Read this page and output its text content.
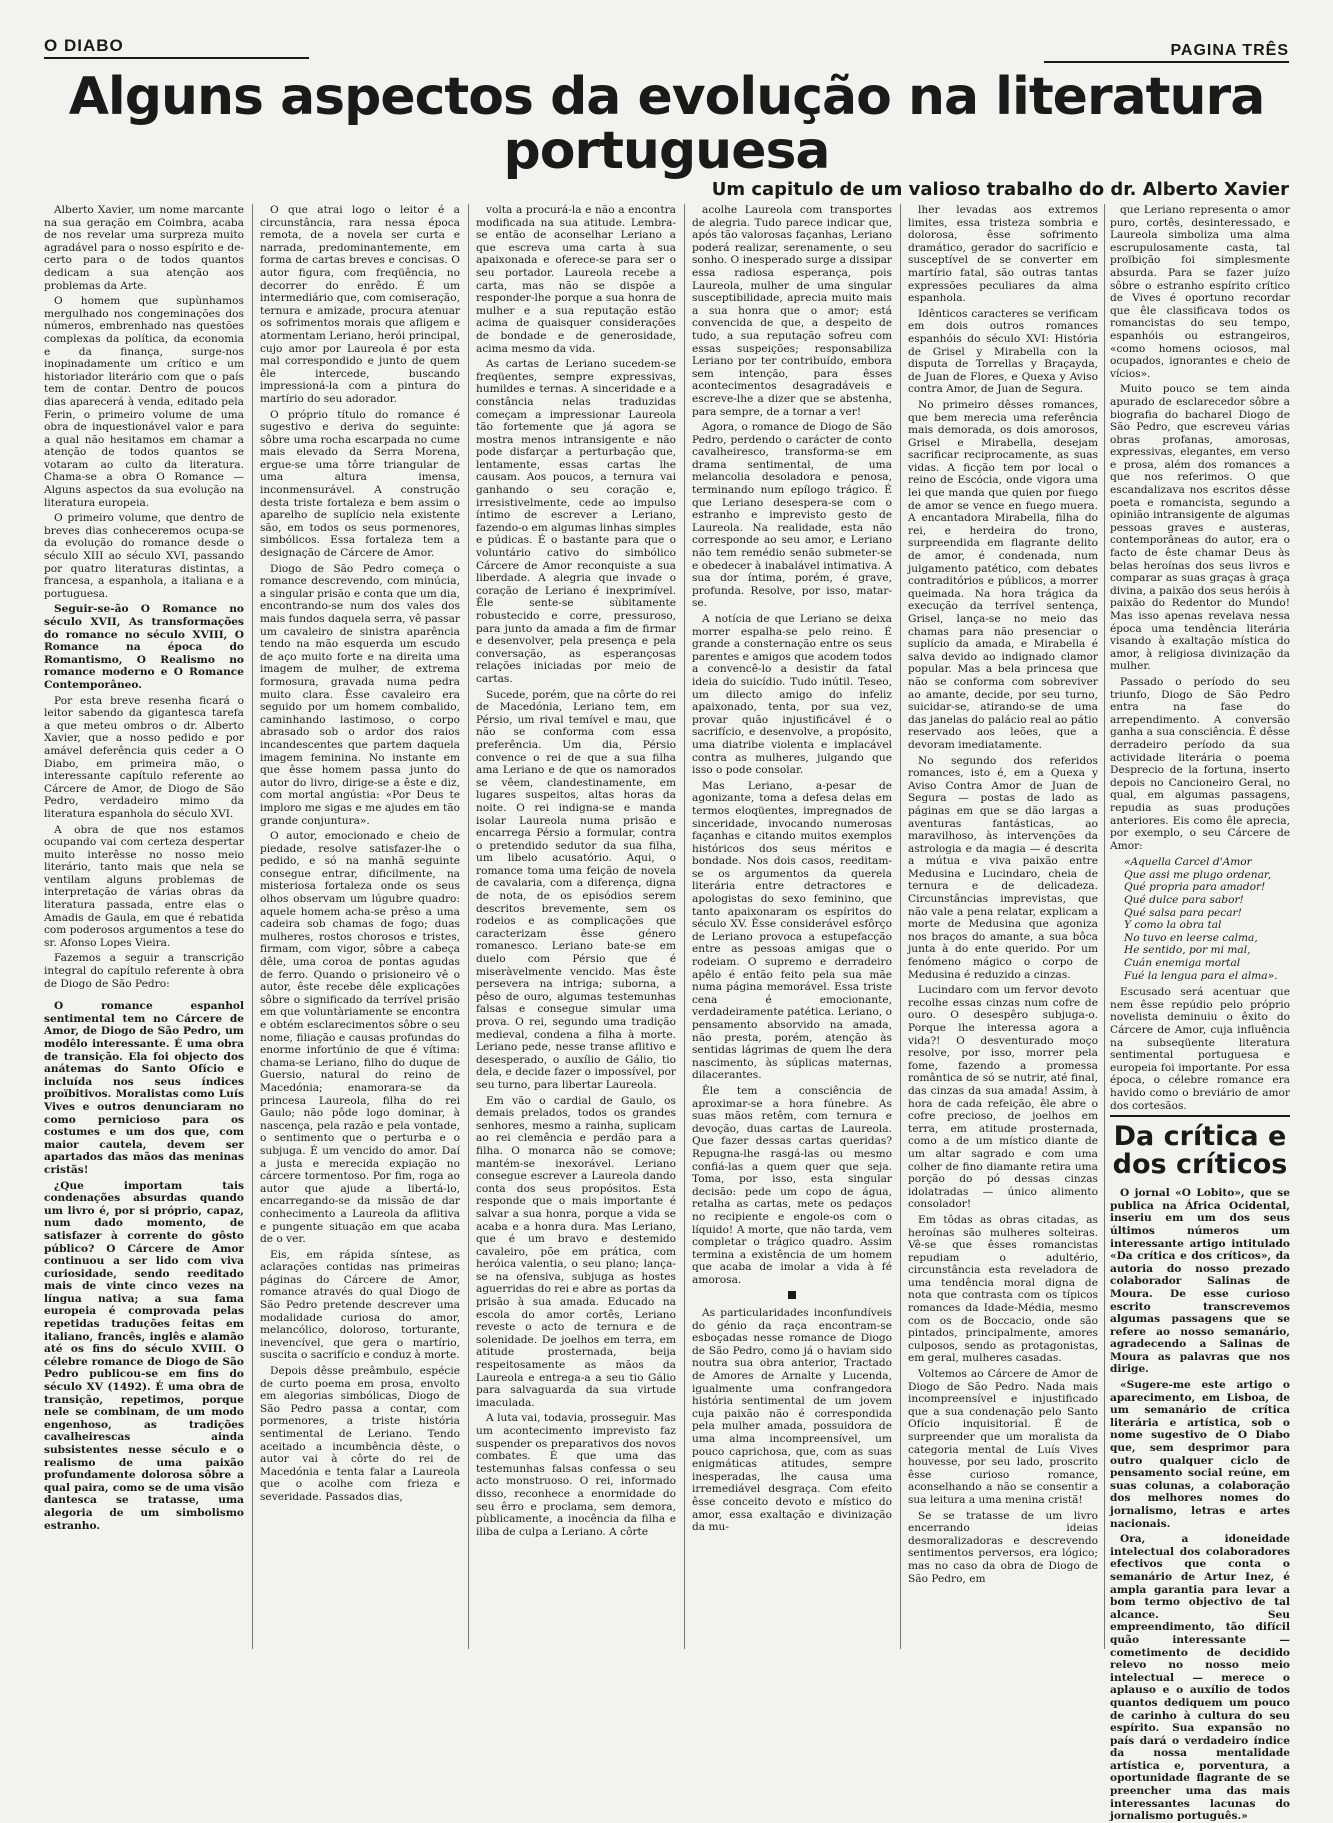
O DIABO	PAGINA TRÊS
Alguns aspectos da evolução na literatura portuguesa
Um capitulo de um valioso trabalho do dr. Alberto Xavier

Alberto Xavier, um nome marcante na sua geração em Coimbra, acaba de nos revelar uma surpreza muito agradável para o nosso espírito e de-certo para o de todos quantos dedicam a sua atenção aos problemas da Arte.

O homem que supùnhamos mergulhado nos congeminações dos números, embrenhado nas questões complexas da política, da economia e da finança, surge-nos inopinadamente um crítico e um historiador literário com que o país tem de contar. Dentro de poucos dias aparecerá à venda, editado pela Ferin, o primeiro volume de uma obra de inquestionável valor e para a qual não hesitamos em chamar a atenção de todos quantos se votaram ao culto da literatura. Chama-se a obra O Romance — Alguns aspectos da sua evolução na literatura europeia.

O primeiro volume, que dentro de breves dias conheceremos ocupa-se da evolução do romance desde o século XIII ao século XVI, passando por quatro literaturas distintas, a francesa, a espanhola, a italiana e a portuguesa.

Seguir-se-ão O Romance no século XVII, As transformações do romance no século XVIII, O Romance na época do Romantismo, O Realismo no romance moderno e O Romance Contemporâneo.

Por esta breve resenha ficará o leitor sabendo da gigantesca tarefa a que meteu ombros o dr. Alberto Xavier, que a nosso pedido e por amável deferência quis ceder a O Diabo, em primeira mão, o interessante capítulo referente ao Cárcere de Amor, de Diogo de São Pedro, verdadeiro mimo da literatura espanhola do século XVI.

A obra de que nos estamos ocupando vai com certeza despertar muito interêsse no nosso meio literário, tanto mais que nela se ventilam alguns problemas de interpretação de várias obras da literatura passada, entre elas o Amadis de Gaula, em que é rebatida com poderosos argumentos a tese do sr. Afonso Lopes Vieira.

Fazemos a seguir a transcrição integral do capítulo referente à obra de Diogo de São Pedro:

O romance espanhol sentimental tem no Cárcere de Amor, de Diogo de São Pedro, um modêlo interessante. É uma obra de transição. Ela foi objecto dos anátemas do Santo Ofício e incluída nos seus índices proïbitivos. Moralistas como Luís Vives e outros denunciaram no como pernicioso para os costumes e um dos que, com maior cautela, devem ser apartados das mãos das meninas cristãs!

¿Que importam tais condenações absurdas quando um livro é, por si próprio, capaz, num dado momento, de satisfazer à corrente do gôsto público? O Cárcere de Amor continuou a ser lido com viva curiosidade, sendo reeditado mais de vinte cinco vezes na língua nativa; a sua fama europeia é comprovada pelas repetidas traduções feitas em italiano, francês, inglês e alamão até os fins do século XVIII. O célebre romance de Diogo de São Pedro publicou-se em fins do século XV (1492). É uma obra de transição, repetimos, porque nele se combinam, de um modo engenhoso, as tradições cavalheirescas ainda subsistentes nesse século e o realismo de uma paixão profundamente dolorosa sôbre a qual paira, como se de uma visão dantesca se tratasse, uma alegoria de um simbolismo estranho.

O que atrai logo o leitor é a circunstância, rara nessa época remota, de a novela ser curta e narrada, predominantemente, em forma de cartas breves e concisas. O autor figura, com freqüência, no decorrer do enrêdo. É um intermediário que, com comiseração, ternura e amizade, procura atenuar os sofrimentos morais que afligem e atormentam Leriano, herói principal, cujo amor por Laureola é por esta mal correspondido e junto de quem êle intercede, buscando impressioná-la com a pintura do martírio do seu adorador.

O próprio título do romance é sugestivo e deriva do seguinte: sôbre uma rocha escarpada no cume mais elevado da Serra Morena, ergue-se uma tôrre triangular de uma altura imensa, inconmensurável. A construção desta triste fortaleza e bem assim o aparelho de suplício nela existente são, em todos os seus pormenores, simbólicos. Essa fortaleza tem a designação de Cárcere de Amor.

Diogo de São Pedro começa o romance descrevendo, com minúcia, a singular prisão e conta que um dia, encontrando-se num dos vales dos mais fundos daquela serra, vê passar um cavaleiro de sinistra aparência tendo na mão esquerda um escudo de aço muito forte e na direita uma imagem de mulher, de extrema formosura, gravada numa pedra muito clara. Êsse cavaleiro era seguido por um homem combalido, caminhando lastimoso, o corpo abrasado sob o ardor dos raios incandescentes que partem daquela imagem feminina. No instante em que êsse homem passa junto do autor do livro, dirige-se a êste e diz, com mortal angústia: «Por Deus te imploro me sigas e me ajudes em tão grande conjuntura».

O autor, emocionado e cheio de piedade, resolve satisfazer-lhe o pedido, e só na manhã seguinte consegue entrar, dificilmente, na misteriosa fortaleza onde os seus olhos observam um lúgubre quadro: aquele homem acha-se prêso a uma cadeira sob chamas de fogo; duas mulheres, rostos chorosos e tristes, firmam, com vigor, sôbre a cabeça dêle, uma coroa de pontas agudas de ferro. Quando o prisioneiro vê o autor, êste recebe dêle explicações sôbre o significado da terrível prisão em que voluntàriamente se encontra e obtém esclarecimentos sôbre o seu nome, filiação e causas profundas do enorme infortúnio de que é vítima: chama-se Leriano, filho do duque de Guersio, natural do reino de Macedónia; enamorara-se da princesa Laureola, filha do rei Gaulo; não pôde logo dominar, à nascença, pela razão e pela vontade, o sentimento que o perturba e o subjuga. É um vencido do amor. Daí a justa e merecida expiação no cárcere tormentoso. Por fim, roga ao autor que ajude a libertá-lo, encarregando-se da missão de dar conhecimento a Laureola da aflitiva e pungente situação em que acaba de o ver.

Eis, em rápida síntese, as aclarações contidas nas primeiras páginas do Cárcere de Amor, romance através do qual Diogo de São Pedro pretende descrever uma modalidade curiosa do amor, melancólico, doloroso, torturante, inevencível, que gera o martírio, suscita o sacrifício e conduz à morte.

Depois dêsse preâmbulo, espécie de curto poema em prosa, envolto em alegorias simbólicas, Diogo de São Pedro passa a contar, com pormenores, a triste história sentimental de Leriano. Tendo aceitado a incumbência dêste, o autor vai à côrte do rei de Macedónia e tenta falar a Laureola que o acolhe com frieza e severidade. Passados dias,

volta a procurá-la e não a encontra modificada na sua atitude. Lembra-se então de aconselhar Leriano a que escreva uma carta à sua apaixonada e oferece-se para ser o seu portador. Laureola recebe a carta, mas não se dispõe a responder-lhe porque a sua honra de mulher e a sua reputação estão acima de quaisquer considerações de bondade e de generosidade, acima mesmo da vida.

As cartas de Leriano sucedem-se freqüentes, sempre expressivas, humildes e ternas. A sinceridade e a constância nelas traduzidas começam a impressionar Laureola tão fortemente que já agora se mostra menos intransigente e não pode disfarçar a perturbação que, lentamente, essas cartas lhe causam. Aos poucos, a ternura vai ganhando o seu coração e, irresistivelmente, cede ao impulso íntimo de escrever a Leriano, fazendo-o em algumas linhas simples e púdicas. É o bastante para que o voluntário cativo do simbólico Cárcere de Amor reconquiste a sua liberdade. A alegria que invade o coração de Leriano é inexprimível. Êle sente-se sùbitamente robustecido e corre, pressuroso, para junto da amada a fim de firmar e desenvolver, pela presença e pela conversação, as esperançosas relações iniciadas por meio de cartas.

Sucede, porém, que na côrte do rei de Macedónia, Leriano tem, em Pérsio, um rival temível e mau, que não se conforma com essa preferência. Um dia, Pérsio convence o rei de que a sua filha ama Leriano e de que os namorados se vêem, clandestinamente, em lugares suspeitos, altas horas da noite. O rei indigna-se e manda isolar Laureola numa prisão e encarrega Pérsio a formular, contra o pretendido sedutor da sua filha, um libelo acusatório. Aqui, o romance toma uma feição de novela de cavalaria, com a diferença, digna de nota, de os episódios serem descritos brevemente, sem os rodeios e as complicações que caracterizam êsse género romanesco. Leriano bate-se em duelo com Pérsio que é miseràvelmente vencido. Mas êste persevera na intriga; suborna, a pêso de ouro, algumas testemunhas falsas e consegue simular uma prova. O rei, segundo uma tradição medieval, condena a filha à morte. Leriano pede, nesse transe aflitivo e desesperado, o auxílio de Gálio, tio dela, e decide fazer o impossível, por seu turno, para libertar Laureola.

Em vão o cardial de Gaulo, os demais prelados, todos os grandes senhores, mesmo a rainha, suplicam ao rei clemência e perdão para a filha. O monarca não se comove; mantém-se inexorável. Leriano consegue escrever a Laureola dando conta dos seus propósitos. Esta responde que o mais importante é salvar a sua honra, porque a vida se acaba e a honra dura. Mas Leriano, que é um bravo e destemido cavaleiro, põe em prática, com heróica valentia, o seu plano; lança-se na ofensiva, subjuga as hostes aguerridas do rei e abre as portas da prisão à sua amada. Educado na escola do amor cortês, Leriano reveste o acto de ternura e de solenidade. De joelhos em terra, em atitude prosternada, beija respeitosamente as mãos da Laureola e entrega-a a seu tio Gálio para salvaguarda da sua virtude imaculada.

A luta vai, todavia, prosseguir. Mas um acontecimento imprevisto faz suspender os preparativos dos novos combates. É que uma das testemunhas falsas confessa o seu acto monstruoso. O rei, informado disso, reconhece a enormidade do seu êrro e proclama, sem demora, pùblicamente, a inocência da filha e iliba de culpa a Leriano. A côrte

acolhe Laureola com transportes de alegria. Tudo parece indicar que, após tão valorosas façanhas, Leriano poderá realizar, serenamente, o seu sonho. O inesperado surge a dissipar essa radiosa esperança, pois Laureola, mulher de uma singular susceptibilidade, aprecia muito mais a sua honra que o amor; está convencida de que, a despeito de tudo, a sua reputação sofreu com essas suspeições; responsabiliza Leriano por ter contribuído, embora sem intenção, para êsses acontecimentos desagradáveis e escreve-lhe a dizer que se abstenha, para sempre, de a tornar a ver!

Agora, o romance de Diogo de São Pedro, perdendo o carácter de conto cavalheiresco, transforma-se em drama sentimental, de uma melancolia desoladora e penosa, terminando num epílogo trágico. É que Leriano desespera-se com o estranho e imprevisto gesto de Laureola. Na realidade, esta não corresponde ao seu amor, e Leriano não tem remédio senão submeter-se e obedecer à inabalável intimativa. A sua dor íntima, porém, é grave, profunda. Resolve, por isso, matar-se.

A notícia de que Leriano se deixa morrer espalha-se pelo reino. É grande a consternação entre os seus parentes e amigos que acodem todos a convencê-lo a desistir da fatal ideia do suicídio. Tudo inútil. Teseo, um dilecto amigo do infeliz apaixonado, tenta, por sua vez, provar quão injustificável é o sacrifício, e desenvolve, a propósito, uma diatribe violenta e implacável contra as mulheres, julgando que isso o pode consolar.

Mas Leriano, a-pesar de agonizante, toma a defesa delas em termos eloqüentes, impregnados de sinceridade, invocando numerosas façanhas e citando muitos exemplos históricos dos seus méritos e bondade. Nos dois casos, reeditam-se os argumentos da querela literária entre detractores e apologistas do sexo feminino, que tanto apaixonaram os espíritos do século XV. Êsse considerável esfôrço de Leriano provoca a estupefacção entre as pessoas amigas que o rodeiam. O supremo e derradeiro apêlo é então feito pela sua mãe numa página memorável. Essa triste cena é emocionante, verdadeiramente patética. Leriano, o pensamento absorvido na amada, não presta, porém, atenção às sentidas lágrimas de quem lhe dera nascimento, às súplicas maternas, dilacerantes.

Êle tem a consciência de aproximar-se a hora fúnebre. As suas mãos retêm, com ternura e devoção, duas cartas de Laureola. Que fazer dessas cartas queridas? Repugna-lhe rasgá-las ou mesmo confiá-las a quem quer que seja. Toma, por isso, esta singular decisão: pede um copo de água, retalha as cartas, mete os pedaços no recipiente e engole-os com o líquido! A morte, que não tarda, vem completar o trágico quadro. Assim termina a existência de um homem que acaba de imolar a vida à fé amorosa.

As particularidades inconfundíveis do génio da raça encontram-se esboçadas nesse romance de Diogo de São Pedro, como já o haviam sido noutra sua obra anterior, Tractado de Amores de Arnalte y Lucenda, igualmente uma confrangedora história sentimental de um jovem cuja paixão não é correspondida pela mulher amada, possuidora de uma alma incompreensível, um pouco caprichosa, que, com as suas enigmáticas atitudes, sempre inesperadas, lhe causa uma irremediável desgraça. Com efeito êsse conceito devoto e místico do amor, essa exaltação e divinização da mu-

lher levadas aos extremos limites, essa tristeza sombria e dolorosa, êsse sofrimento dramático, gerador do sacrifício e susceptível de se converter em martírio fatal, são outras tantas expressões peculiares da alma espanhola.

Idênticos caracteres se verificam em dois outros romances espanhóis do século XVI: História de Grisel y Mirabella con la disputa de Torrellas y Braçayda, de Juan de Flores, e Quexa y Aviso contra Amor, de Juan de Segura.

No primeiro dêsses romances, que bem merecia uma referência mais demorada, os dois amorosos, Grisel e Mirabella, desejam sacrificar reciprocamente, as suas vidas. A ficção tem por local o reino de Escócia, onde vigora uma lei que manda que quien por fuego de amor se vence en fuego muera. A encantadora Mirabella, filha do rei, e herdeira do trono, surpreendida em flagrante delito de amor, é condenada, num julgamento patético, com debates contraditórios e públicos, a morrer queimada. Na hora trágica da execução da terrível sentença, Grisel, lança-se no meio das chamas para não presenciar o suplício da amada, e Mirabella é salva devido ao indignado clamor popular. Mas a bela princesa que não se conforma com sobreviver ao amante, decide, por seu turno, suicidar-se, atirando-se de uma das janelas do palácio real ao pátio reservado aos leões, que a devoram imediatamente.

No segundo dos referidos romances, isto é, em a Quexa y Aviso Contra Amor de Juan de Segura — postas de lado as páginas em que se dão largas a aventuras fantásticas, ao maravilhoso, às intervenções da astrologia e da magia — é descrita a mútua e viva paixão entre Medusina e Lucindaro, cheia de ternura e de delicadeza. Circunstâncias imprevistas, que não vale a pena relatar, explicam a morte de Medusina que agoniza nos braços do amante, a sua bôca junta à do ente querido. Por um fenómeno mágico o corpo de Medusina é reduzido a cinzas.

Lucindaro com um fervor devoto recolhe essas cinzas num cofre de ouro. O desespêro subjuga-o. Porque lhe interessa agora a vida?! O desventurado moço resolve, por isso, morrer pela fome, fazendo a promessa romântica de só se nutrir, até final, das cinzas da sua amada! Assim, à hora de cada refeição, êle abre o cofre precioso, de joelhos em terra, em atitude prosternada, como a de um místico diante de um altar sagrado e com uma colher de fino diamante retira uma porção do pó dessas cinzas idolatradas — único alimento consolador!

Em tôdas as obras citadas, as heroínas são mulheres solteiras. Vê-se que êsses romancistas repudiam o adultério, circunstância esta reveladora de uma tendência moral digna de nota que contrasta com os típicos romances da Idade-Média, mesmo com os de Boccacio, onde são pintados, principalmente, amores culposos, sendo as protagonistas, em geral, mulheres casadas.

Voltemos ao Cárcere de Amor de Diogo de São Pedro. Nada mais incompreensível e injustificado que a sua condenação pelo Santo Ofício inquisitorial. É de surpreender que um moralista da categoria mental de Luís Vives houvesse, por seu lado, proscrito êsse curioso romance, aconselhando a não se consentir a sua leitura a uma menina cristã!

Se se tratasse de um livro encerrando ideias desmoralizadoras e descrevendo sentimentos perversos, era lógico; mas no caso da obra de Diogo de São Pedro, em

que Leriano representa o amor puro, cortês, desinteressado, e Laureola simboliza uma alma escrupulosamente casta, tal proïbição foi simplesmente absurda. Para se fazer juízo sôbre o estranho espírito crítico de Vives é oportuno recordar que êle classificava todos os romancistas do seu tempo, espanhóis ou estrangeiros, «como homens ociosos, mal ocupados, ignorantes e cheio de vícios».

Muito pouco se tem ainda apurado de esclarecedor sôbre a biografia do bacharel Diogo de São Pedro, que escreveu várias obras profanas, amorosas, expressivas, elegantes, em verso e prosa, além dos romances a que nos referimos. O que escandalizava nos escritos dêsse poeta e romancista, segundo a opinião intransigente de algumas pessoas graves e austeras, contemporâneas do autor, era o facto de êste chamar Deus às belas heroínas dos seus livros e comparar as suas graças à graça divina, a paixão dos seus heróis à paixão do Redentor do Mundo! Mas isso apenas revelava nessa época uma tendência literária visando à exaltação mística do amor, à religiosa divinização da mulher.

Passado o período do seu triunfo, Diogo de São Pedro entra na fase do arrependimento. A conversão ganha a sua consciência. É dêsse derradeiro período da sua actividade literária o poema Desprecio de la fortuna, inserto depois no Cancioneiro Geral, no qual, em algumas passagens, repudia as suas produções anteriores. Eis como êle aprecia, por exemplo, o seu Cárcere de Amor:

«Aquella Carcel d'Amor
Que assi me plugo ordenar,
Qué propria para amador!
Qué dulce para sabor!
Qué salsa para pecar!
Y como la obra tal
No tuvo en leerse calma,
He sentido, por mi mal,
Cuán enemiga mortal
Fué la lengua para el alma».

Escusado será acentuar que nem êsse repúdio pelo próprio novelista deminuiu o êxito do Cárcere de Amor, cuja influência na subseqüente literatura sentimental portuguesa e europeia foi importante. Por essa época, o célebre romance era havido como o breviário de amor dos cortesãos.

Da crítica e dos críticos

O jornal «O Lobito», que se publica na África Ocidental, inseriu em um dos seus últimos números um interessante artigo intitulado «Da crítica e dos críticos», da autoria do nosso prezado colaborador Salinas de Moura. De esse curioso escrito transcrevemos algumas passagens que se refere ao nosso semanário, agradecendo a Salinas de Moura as palavras que nos dirige.

«Sugere-me este artigo o aparecimento, em Lisboa, de um semanário de crítica literária e artística, sob o nome sugestivo de O Diabo que, sem desprimor para outro qualquer ciclo de pensamento social reúne, em suas colunas, a colaboração dos melhores nomes do jornalismo, letras e artes nacionais.

Ora, a idoneidade intelectual dos colaboradores efectivos que conta o semanário de Artur Inez, é ampla garantia para levar a bom termo objectivo de tal alcance. Seu empreendimento, tão difícil quão interessante — cometimento de decidido relevo no nosso meio intelectual — merece o aplauso e o auxílio de todos quantos dediquem um pouco de carinho à cultura do seu espírito. Sua expansão no país dará o verdadeiro índice da nossa mentalidade artística e, porventura, a oportunidade flagrante de se preencher uma das mais interessantes lacunas do jornalismo português.»
